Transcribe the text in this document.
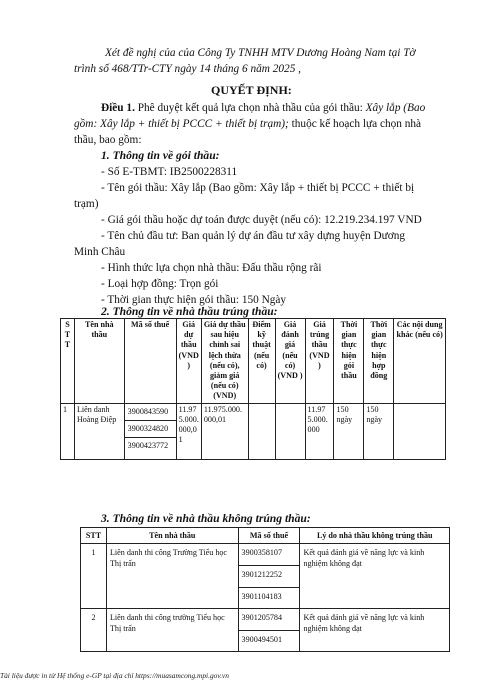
Xét đề nghị của của Công Ty TNHH MTV Dương Hoàng Nam tại Tờ

trình số 468/TTr-CTY ngày 14 tháng 6 năm 2025 ,

QUYẾT ĐỊNH:

Điều 1. Phê duyệt kết quả lựa chọn nhà thầu của gói thầu: Xây lắp (Bao

gồm: Xây lắp + thiết bị PCCC + thiết bị trạm); thuộc kế hoạch lựa chọn nhà

thầu, bao gồm:

1. Thông tin về gói thầu:

- Số E-TBMT: IB2500228311

- Tên gói thầu: Xây lắp (Bao gồm: Xây lắp + thiết bị PCCC + thiết bị

trạm)

- Giá gói thầu hoặc dự toán được duyệt (nếu có): 12.219.234.197 VND

- Tên chủ đầu tư: Ban quản lý dự án đầu tư xây dựng huyện Dương

Minh Châu

- Hình thức lựa chọn nhà thầu: Đấu thầu rộng rãi

- Loại hợp đồng: Trọn gói

- Thời gian thực hiện gói thầu: 150 Ngày

2. Thông tin về nhà thầu trúng thầu:

S T T	Tên nhà thầu	Mã số thuế	Giá dự thầu (VND )	Giá dự thầu sau hiệu chỉnh sai lệch thừa (nếu có), giảm giá (nếu có) (VND)	Điểm kỹ thuật (nếu có)	Giá đánh giá (nếu có) (VND )	Giá trúng thầu (VND )	Thời gian thực hiện gói thầu	Thời gian thực hiện hợp đồng	Các nội dung khác (nếu có)
1	Liên danh Hoàng Điệp	3900843590
3900324820
3900423772	11.975.000.000,01	11.975.000.000,01			11.975.000.000	150 ngày	150 ngày	

3. Thông tin về nhà thầu không trúng thầu:

STT	Tên nhà thầu	Mã số thuế	Lý do nhà thầu không trúng thầu
1	Liên danh thi công Trường Tiểu học Thị trấn	3900358107
3901212252
3901104183	Kết quả đánh giá về năng lực và kinh nghiệm không đạt
2	Liên danh thi công trường Tiểu học Thị trấn	3901205784
3900494501	Kết quả đánh giá về năng lực và kinh nghiệm không đạt

Tài liệu được in từ Hệ thống e-GP tại địa chỉ https://muasamcong.mpi.gov.vn
